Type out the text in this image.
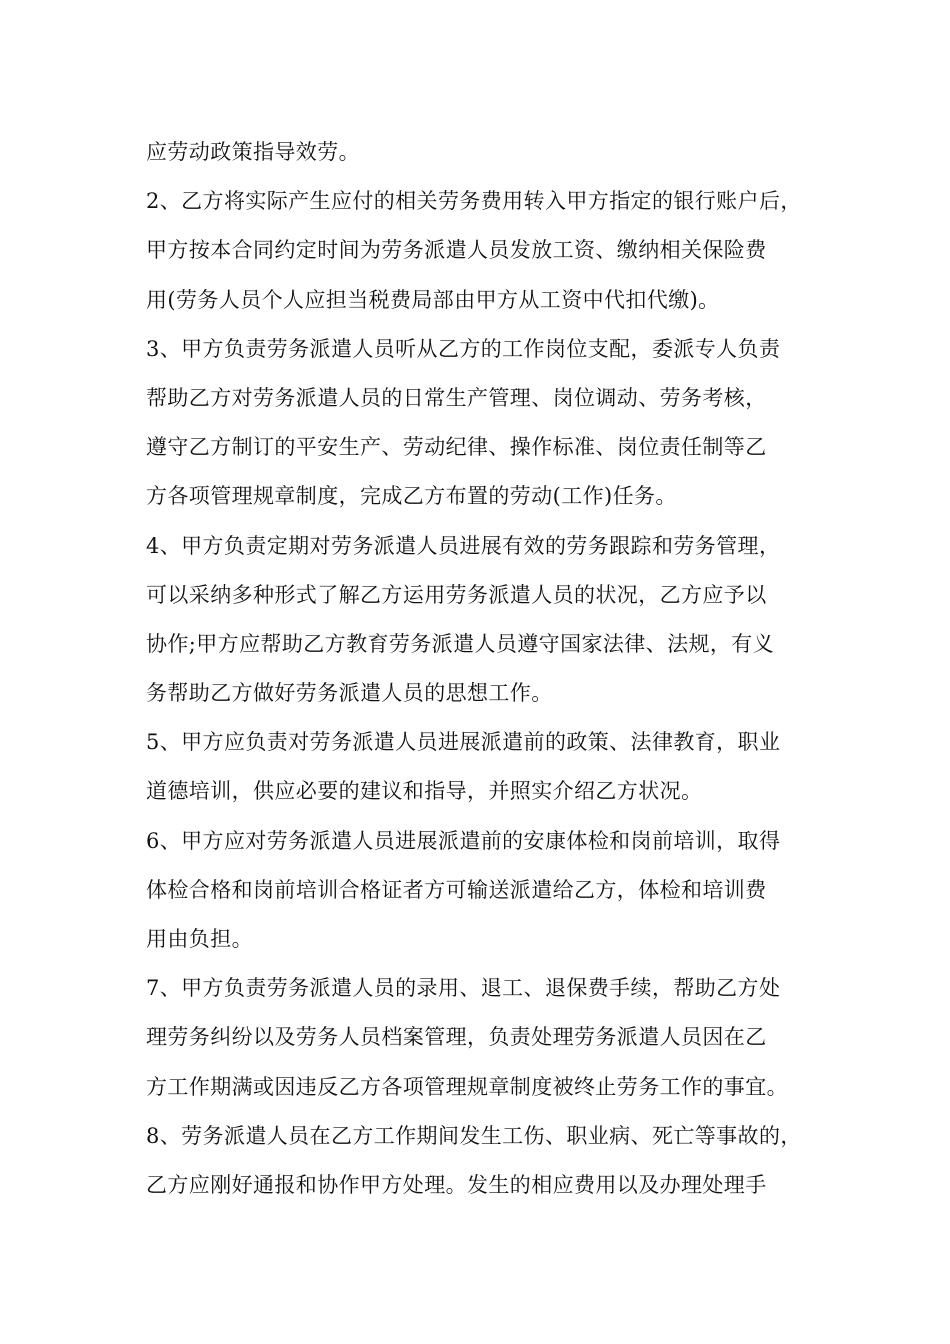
应劳动政策指导效劳。
2、乙方将实际产生应付的相关劳务费用转入甲方指定的银行账户后，
甲方按本合同约定时间为劳务派遣人员发放工资、缴纳相关保险费
用(劳务人员个人应担当税费局部由甲方从工资中代扣代缴)。
3、甲方负责劳务派遣人员听从乙方的工作岗位支配，委派专人负责
帮助乙方对劳务派遣人员的日常生产管理、岗位调动、劳务考核，
遵守乙方制订的平安生产、劳动纪律、操作标准、岗位责任制等乙
方各项管理规章制度，完成乙方布置的劳动(工作)任务。
4、甲方负责定期对劳务派遣人员进展有效的劳务跟踪和劳务管理，
可以采纳多种形式了解乙方运用劳务派遣人员的状况，乙方应予以
协作;甲方应帮助乙方教育劳务派遣人员遵守国家法律、法规，有义
务帮助乙方做好劳务派遣人员的思想工作。
5、甲方应负责对劳务派遣人员进展派遣前的政策、法律教育，职业
道德培训，供应必要的建议和指导，并照实介绍乙方状况。
6、甲方应对劳务派遣人员进展派遣前的安康体检和岗前培训，取得
体检合格和岗前培训合格证者方可输送派遣给乙方，体检和培训费
用由负担。
7、甲方负责劳务派遣人员的录用、退工、退保费手续，帮助乙方处
理劳务纠纷以及劳务人员档案管理，负责处理劳务派遣人员因在乙
方工作期满或因违反乙方各项管理规章制度被终止劳务工作的事宜。
8、劳务派遣人员在乙方工作期间发生工伤、职业病、死亡等事故的，
乙方应刚好通报和协作甲方处理。发生的相应费用以及办理处理手
